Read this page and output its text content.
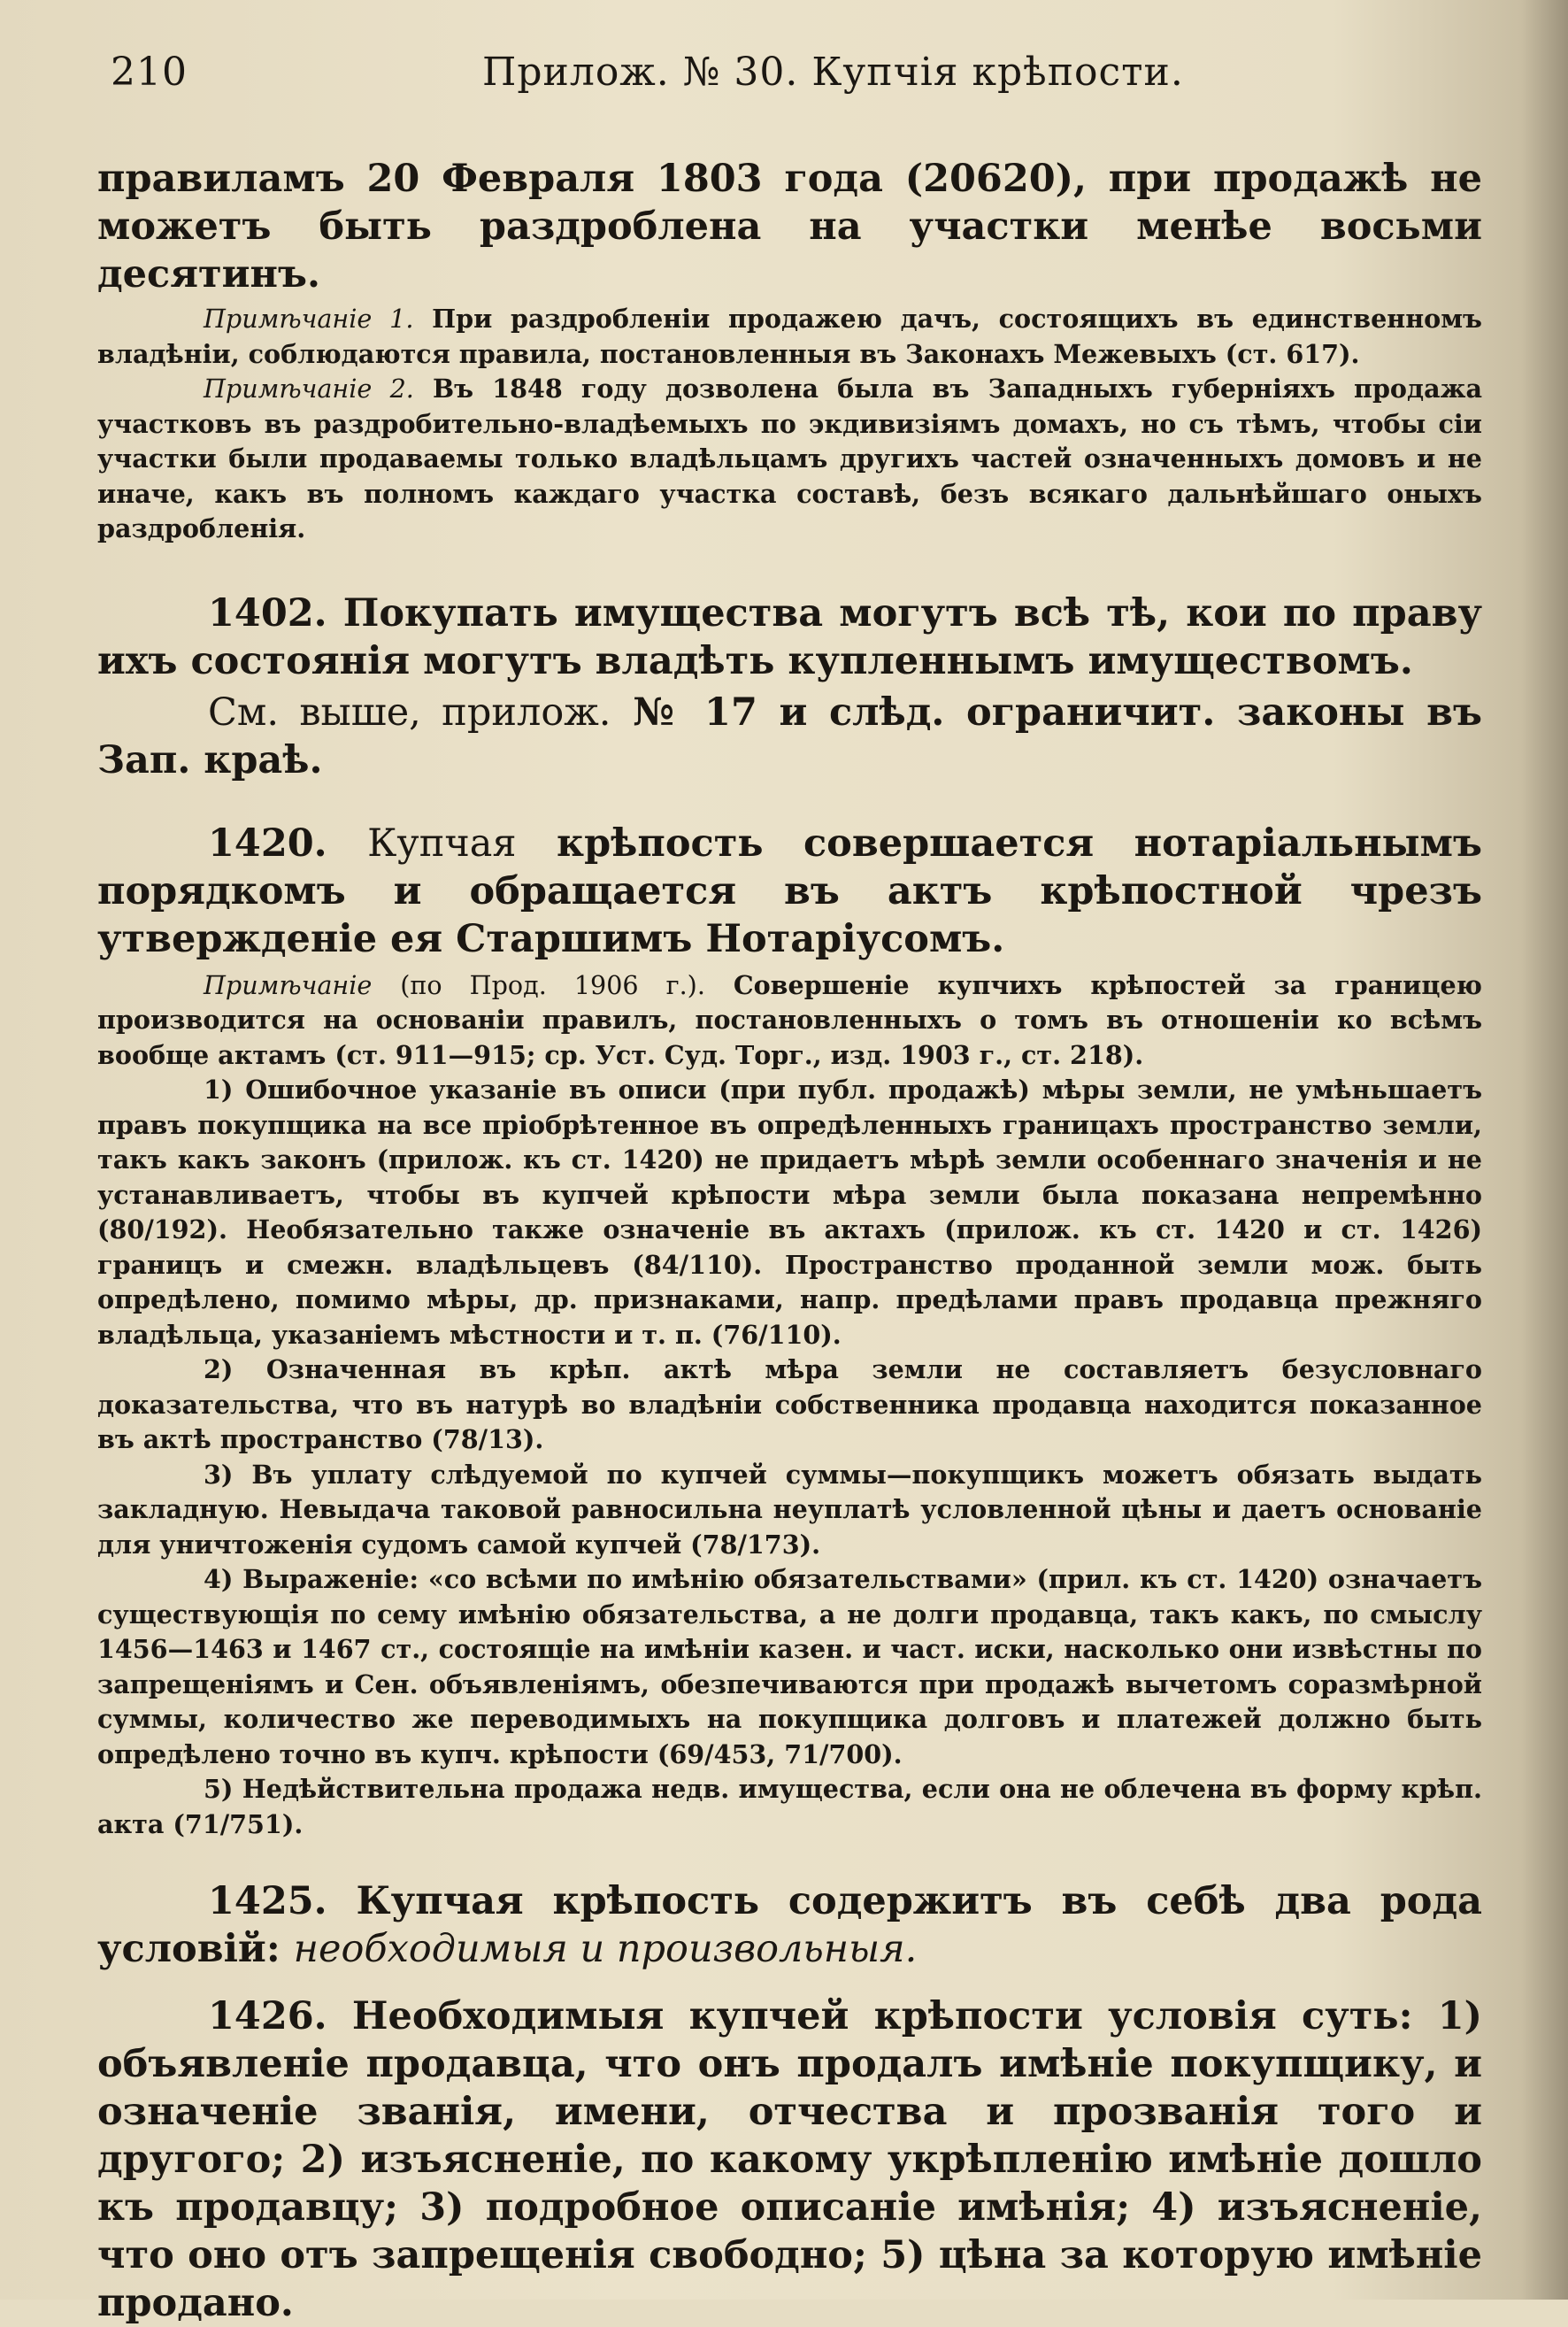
210	Прилож. № 30. Купчія крѣпости.

правиламъ 20 Февраля 1803 года (20620), при продажѣ не можетъ быть раздроблена на участки менѣе восьми десятинъ.

Примѣчаніе 1. При раздробленіи продажею дачъ, состоящихъ въ единственномъ владѣніи, соблюдаются правила, постановленныя въ Законахъ Межевыхъ (ст. 617).

Примѣчаніе 2. Въ 1848 году дозволена была въ Западныхъ губерніяхъ продажа участковъ въ раздробительно-владѣемыхъ по экдивизіямъ домахъ, но съ тѣмъ, чтобы сіи участки были продаваемы только владѣльцамъ другихъ частей означенныхъ домовъ и не иначе, какъ въ полномъ каждаго участка составѣ, безъ всякаго дальнѣйшаго оныхъ раздробленія.

1402. Покупать имущества могутъ всѣ тѣ, кои по праву ихъ состоянія могутъ владѣть купленнымъ имуществомъ.

См. выше, прилож. № 17 и слѣд. ограничит. законы въ Зап. краѣ.

1420. Купчая крѣпость совершается нотаріальнымъ порядкомъ и обращается въ актъ крѣпостной чрезъ утвержденіе ея Старшимъ Нотаріусомъ.

Примѣчаніе (по Прод. 1906 г.). Совершеніе купчихъ крѣпостей за границею производится на основаніи правилъ, постановленныхъ о томъ въ отношеніи ко всѣмъ вообще актамъ (ст. 911—915; ср. Уст. Суд. Торг., изд. 1903 г., ст. 218).

1) Ошибочное указаніе въ описи (при публ. продажѣ) мѣры земли, не умѣньшаетъ правъ покупщика на все пріобрѣтенное въ опредѣленныхъ границахъ пространство земли, такъ какъ законъ (прилож. къ ст. 1420) не придаетъ мѣрѣ земли особеннаго значенія и не устанавливаетъ, чтобы въ купчей крѣпости мѣра земли была показана непремѣнно (80/192). Необязательно также означеніе въ актахъ (прилож. къ ст. 1420 и ст. 1426) границъ и смежн. владѣльцевъ (84/110). Пространство проданной земли мож. быть опредѣлено, помимо мѣры, др. признаками, напр. предѣлами правъ продавца прежняго владѣльца, указаніемъ мѣстности и т. п. (76/110).

2) Означенная въ крѣп. актѣ мѣра земли не составляетъ безусловнаго доказательства, что въ натурѣ во владѣніи собственника продавца находится показанное въ актѣ пространство (78/13).

3) Въ уплату слѣдуемой по купчей суммы—покупщикъ можетъ обязать выдать закладную. Невыдача таковой равносильна неуплатѣ условленной цѣны и даетъ основаніе для уничтоженія судомъ самой купчей (78/173).

4) Выраженіе: «со всѣми по имѣнію обязательствами» (прил. къ ст. 1420) означаетъ существующія по сему имѣнію обязательства, а не долги продавца, такъ какъ, по смыслу 1456—1463 и 1467 ст., состоящіе на имѣніи казен. и част. иски, насколько они извѣстны по запрещеніямъ и Сен. объявленіямъ, обезпечиваются при продажѣ вычетомъ соразмѣрной суммы, количество же переводимыхъ на покупщика долговъ и платежей должно быть опредѣлено точно въ купч. крѣпости (69/453, 71/700).

5) Недѣйствительна продажа недв. имущества, если она не облечена въ форму крѣп. акта (71/751).

1425. Купчая крѣпость содержитъ въ себѣ два рода условій: необходимыя и произвольныя.

1426. Необходимыя купчей крѣпости условія суть: 1) объявленіе продавца, что онъ продалъ имѣніе покупщику, и означеніе званія, имени, отчества и прозванія того и другого; 2) изъясненіе, по какому укрѣпленію имѣніе дошло къ продавцу; 3) подробное описаніе имѣнія; 4) изъясненіе, что оно отъ запрещенія свободно; 5) цѣна за которую имѣніе продано.
